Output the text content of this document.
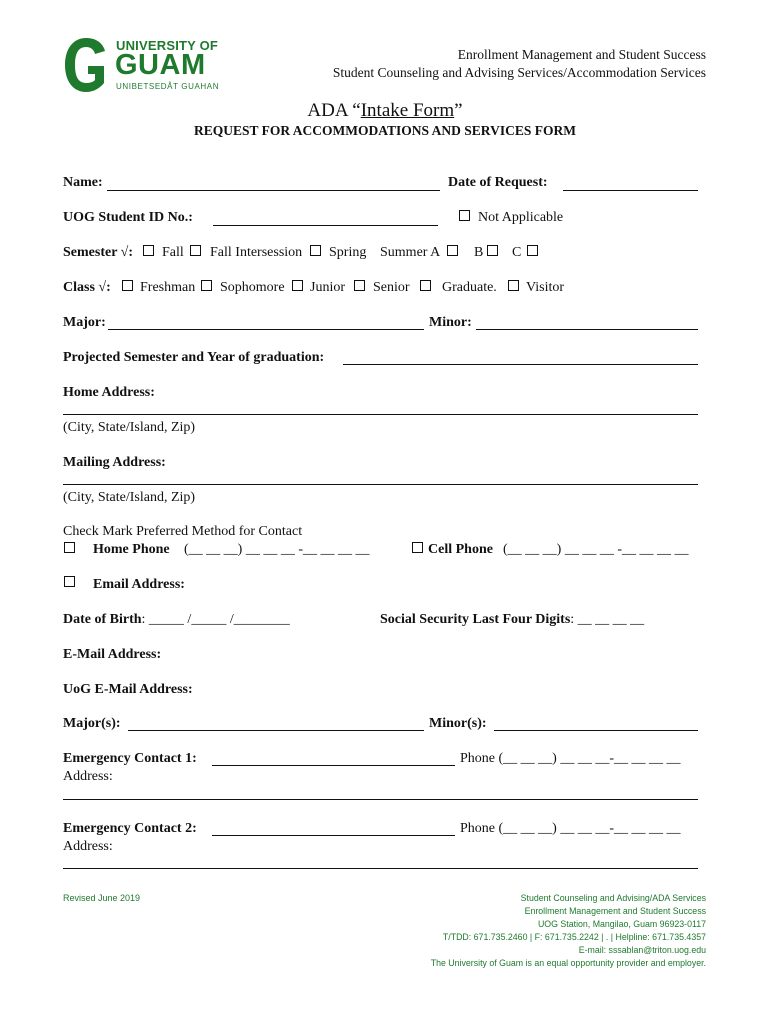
UNIVERSITY OF
GUAM
UNIBETSEDÅT GUAHAN
Enrollment Management and Student Success
Student Counseling and Advising Services/Accommodation Services
ADA “Intake Form”
REQUEST FOR ACCOMMODATIONS AND SERVICES FORM
Name:	Date of Request:
UOG Student ID No.:	Not Applicable
Semester √: Fall Fall Intersession Spring Summer A B C
Class √: Freshman Sophomore Junior Senior Graduate. Visitor
Major:	Minor:
Projected Semester and Year of graduation:
Home Address:
(City, State/Island, Zip)
Mailing Address:
(City, State/Island, Zip)
Check Mark Preferred Method for Contact
Home Phone (__ __ __) __ __ __ -__ __ __ __	Cell Phone (__ __ __) __ __ __ -__ __ __ __
Email Address:
Date of Birth: _____ /_____ /________	Social Security Last Four Digits: __ __ __ __
E-Mail Address:
UoG E-Mail Address:
Major(s):	Minor(s):
Emergency Contact 1:	Phone (__ __ __) __ __ __-__ __ __ __
Address:
Emergency Contact 2:	Phone (__ __ __) __ __ __-__ __ __ __
Address:
Revised June 2019	Student Counseling and Advising/ADA Services
Enrollment Management and Student Success
UOG Station, Mangilao, Guam 96923-0117
T/TDD: 671.735.2460 | F: 671.735.2242 | . | Helpline: 671.735.4357
E-mail: sssablan@triton.uog.edu
The University of Guam is an equal opportunity provider and employer.
